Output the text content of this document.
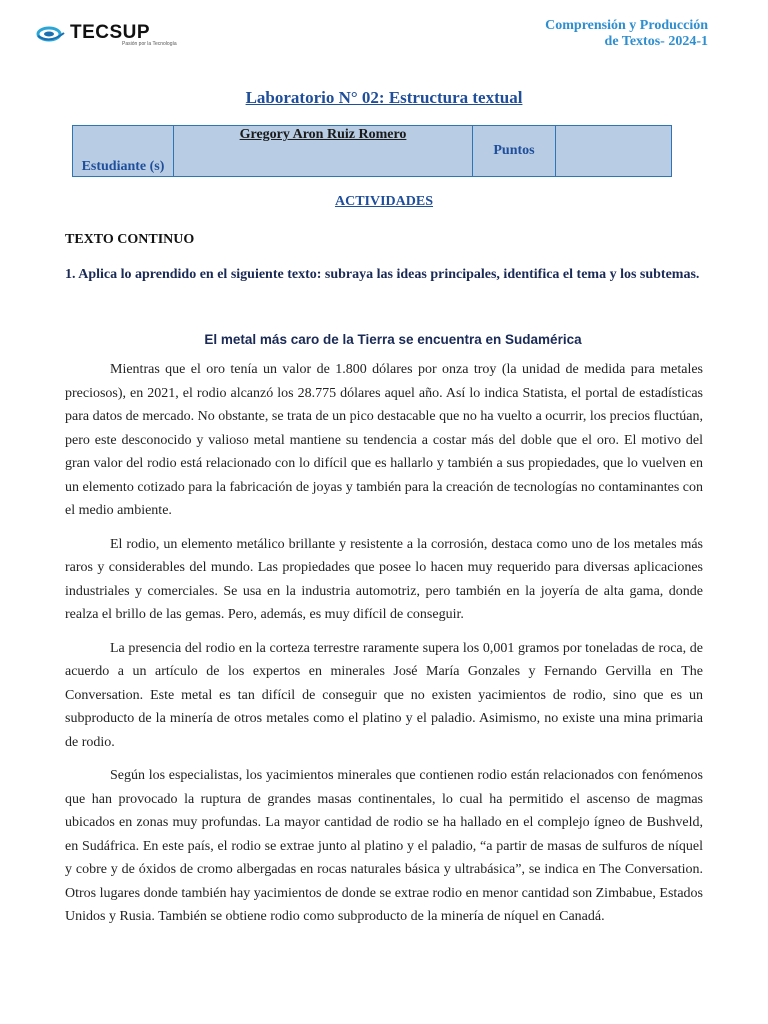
TECSUP
Pasión por la Tecnología
Comprensión y Producción
de Textos- 2024-1
Laboratorio N° 02: Estructura textual
Estudiante (s)	Gregory Aron Ruiz Romero	Puntos	
ACTIVIDADES
TEXTO CONTINUO
1. Aplica lo aprendido en el siguiente texto: subraya las ideas principales, identifica el tema y los subtemas.
El metal más caro de la Tierra se encuentra en Sudamérica

Mientras que el oro tenía un valor de 1.800 dólares por onza troy (la unidad de medida para metales preciosos), en 2021, el rodio alcanzó los 28.775 dólares aquel año. Así lo indica Statista, el portal de estadísticas para datos de mercado. No obstante, se trata de un pico destacable que no ha vuelto a ocurrir, los precios fluctúan, pero este desconocido y valioso metal mantiene su tendencia a costar más del doble que el oro. El motivo del gran valor del rodio está relacionado con lo difícil que es hallarlo y también a sus propiedades, que lo vuelven en un elemento cotizado para la fabricación de joyas y también para la creación de tecnologías no contaminantes con el medio ambiente.

El rodio, un elemento metálico brillante y resistente a la corrosión, destaca como uno de los metales más raros y considerables del mundo. Las propiedades que posee lo hacen muy requerido para diversas aplicaciones industriales y comerciales. Se usa en la industria automotriz, pero también en la joyería de alta gama, donde realza el brillo de las gemas. Pero, además, es muy difícil de conseguir.

La presencia del rodio en la corteza terrestre raramente supera los 0,001 gramos por toneladas de roca, de acuerdo a un artículo de los expertos en minerales José María Gonzales y Fernando Gervilla en The Conversation. Este metal es tan difícil de conseguir que no existen yacimientos de rodio, sino que es un subproducto de la minería de otros metales como el platino y el paladio. Asimismo, no existe una mina primaria de rodio.

Según los especialistas, los yacimientos minerales que contienen rodio están relacionados con fenómenos que han provocado la ruptura de grandes masas continentales, lo cual ha permitido el ascenso de magmas ubicados en zonas muy profundas. La mayor cantidad de rodio se ha hallado en el complejo ígneo de Bushveld, en Sudáfrica. En este país, el rodio se extrae junto al platino y el paladio, “a partir de masas de sulfuros de níquel y cobre y de óxidos de cromo albergadas en rocas naturales básica y ultrabásica”, se indica en The Conversation. Otros lugares donde también hay yacimientos de donde se extrae rodio en menor cantidad son Zimbabue, Estados Unidos y Rusia. También se obtiene rodio como subproducto de la minería de níquel en Canadá.
